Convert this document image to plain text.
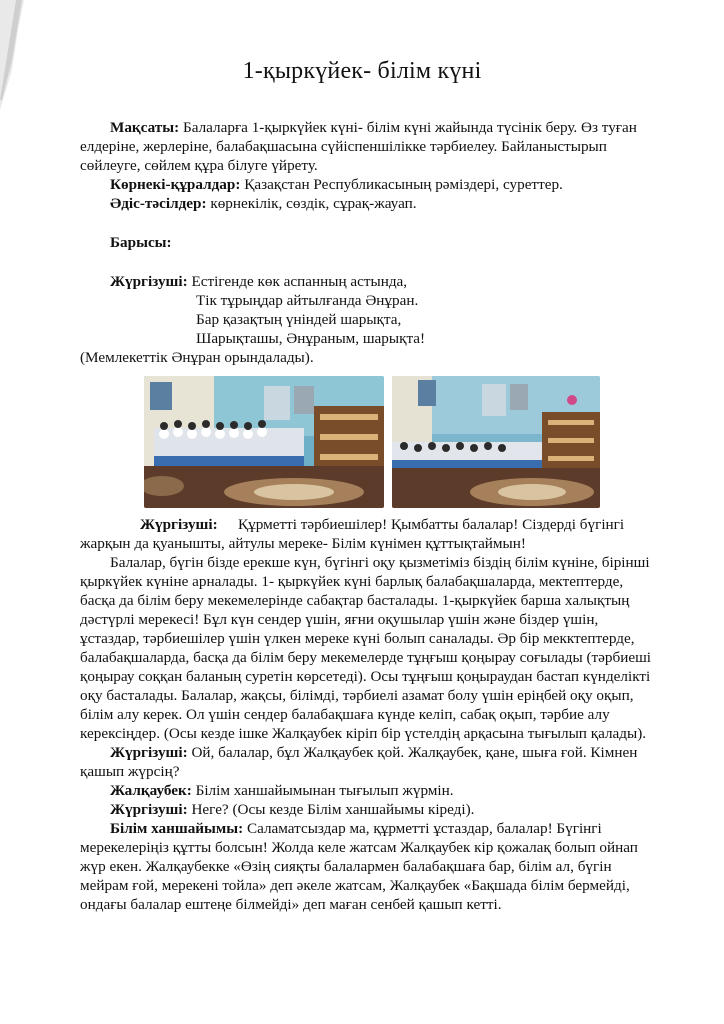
1-қыркүйек- білім күні
Мақсаты: Балаларға 1-қыркүйек күні- білім күні жайында түсінік беру. Өз туған елдеріне, жерлеріне, балабақшасына сүйіспеншілікке тәрбиелеу. Байланыстырып сөйлеуге, сөйлем құра білуге үйрету.
Көрнекі-құралдар: Қазақстан Республикасының рәміздері, суреттер.
Әдіс-тәсілдер: көрнекілік, сөздік, сұрақ-жауап.
Барысы:
Жүргізуші: Естігенде көк аспанның астында,
Тік тұрыңдар айтылғанда Әнұран.
Бар қазақтың үніндей шарықта,
Шарықташы, Әнұраным, шарықта!
(Мемлекеттік Әнұран орындалады).
Жүргізуші: Құрметті тәрбиешілер! Қымбатты балалар! Сіздерді бүгінгі жарқын да қуанышты, айтулы мереке- Білім күнімен құттықтаймын!
Балалар, бүгін бізде ерекше күн, бүгінгі оқу қызметіміз біздің білім күніне, бірінші қыркүйек күніне арналады. 1- қыркүйек күні барлық балабақшаларда, мектептерде, басқа да білім беру мекемелерінде сабақтар басталады. 1-қыркүйек барша халықтың дәстүрлі мерекесі! Бұл күн сендер үшін, яғни оқушылар үшін және біздер үшін, ұстаздар, тәрбиешілер үшін үлкен мереке күні болып саналады. Әр бір мекктептерде, балабақшаларда, басқа да білім беру мекемелерде тұңғыш қоңырау соғылады (тәрбиеші қоңырау соққан баланың суретін көрсетеді). Осы тұңғыш қоңыраудан бастап күнделікті оқу басталады. Балалар, жақсы, білімді, тәрбиелі азамат болу үшін еріңбей оқу оқып, білім алу керек. Ол үшін сендер балабақшаға күнде келіп, сабақ оқып, тәрбие алу керексіңдер. (Осы кезде ішке Жалқаубек кіріп бір үстелдің арқасына тығылып қалады).
Жүргізуші: Ой, балалар, бұл Жалқаубек қой. Жалқаубек, қане, шыға ғой. Кімнен қашып жүрсің?
Жалқаубек: Білім ханшайымынан тығылып жүрмін.
Жүргізуші: Неге? (Осы кезде Білім ханшайымы кіреді).
Білім ханшайымы: Саламатсыздар ма, құрметті ұстаздар, балалар! Бүгінгі мерекелеріңіз құтты болсын! Жолда келе жатсам Жалқаубек кір қожалақ болып ойнап жүр екен. Жалқаубекке «Өзің сияқты балалармен балабақшаға бар, білім ал, бүгін мейрам ғой, мерекені тойла» деп әкеле жатсам, Жалқаубек «Бақшада білім бермейді, ондағы балалар ештеңе білмейді» деп маған сенбей қашып кетті.
